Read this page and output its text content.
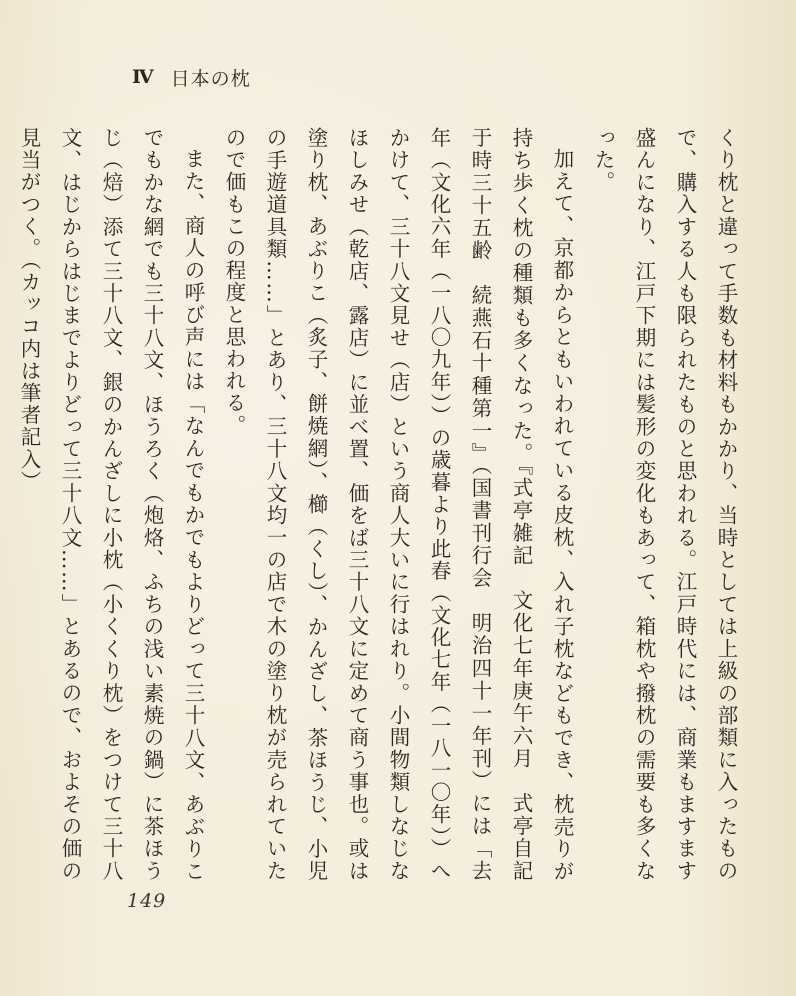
Ⅳ 日本の枕

くり枕と違って手数も材料もかかり、当時としては上級の部類に入ったもので、購入する人も限られたものと思われる。江戸時代には、商業もますます盛んになり、江戸下期には髪形の変化もあって、箱枕や撥枕の需要も多くなった。

加えて、京都からともいわれている皮枕、入れ子枕などもでき、枕売りが持ち歩く枕の種類も多くなった。『式亭雑記　文化七年庚午六月　式亭自記于時三十五齢　続燕石十種第一』（国書刊行会　明治四十一年刊）には「去年（文化六年（一八〇九年））の歳暮より此春（文化七年（一八一〇年））へかけて、三十八文見せ（店）という商人大いに行はれり。小間物類しなじなほしみせ（乾店、露店）に並べ置、価をば三十八文に定めて商う事也。或は塗り枕、あぶりこ（炙子、餅焼網）、櫛（くし）、かんざし、茶ほうじ、小児の手遊道具類……」とあり、三十八文均一の店で木の塗り枕が売られていたので価もこの程度と思われる。

また、商人の呼び声には「なんでもかでもよりどって三十八文、あぶりこでもかな網でも三十八文、ほうろく（炮烙、ふちの浅い素焼の鍋）に茶ほうじ（焙）添て三十八文、銀のかんざしに小枕（小くくり枕）をつけて三十八文、はじからはじまでよりどって三十八文……」とあるので、およその価の見当がつく。（カッコ内は筆者記入）

149
